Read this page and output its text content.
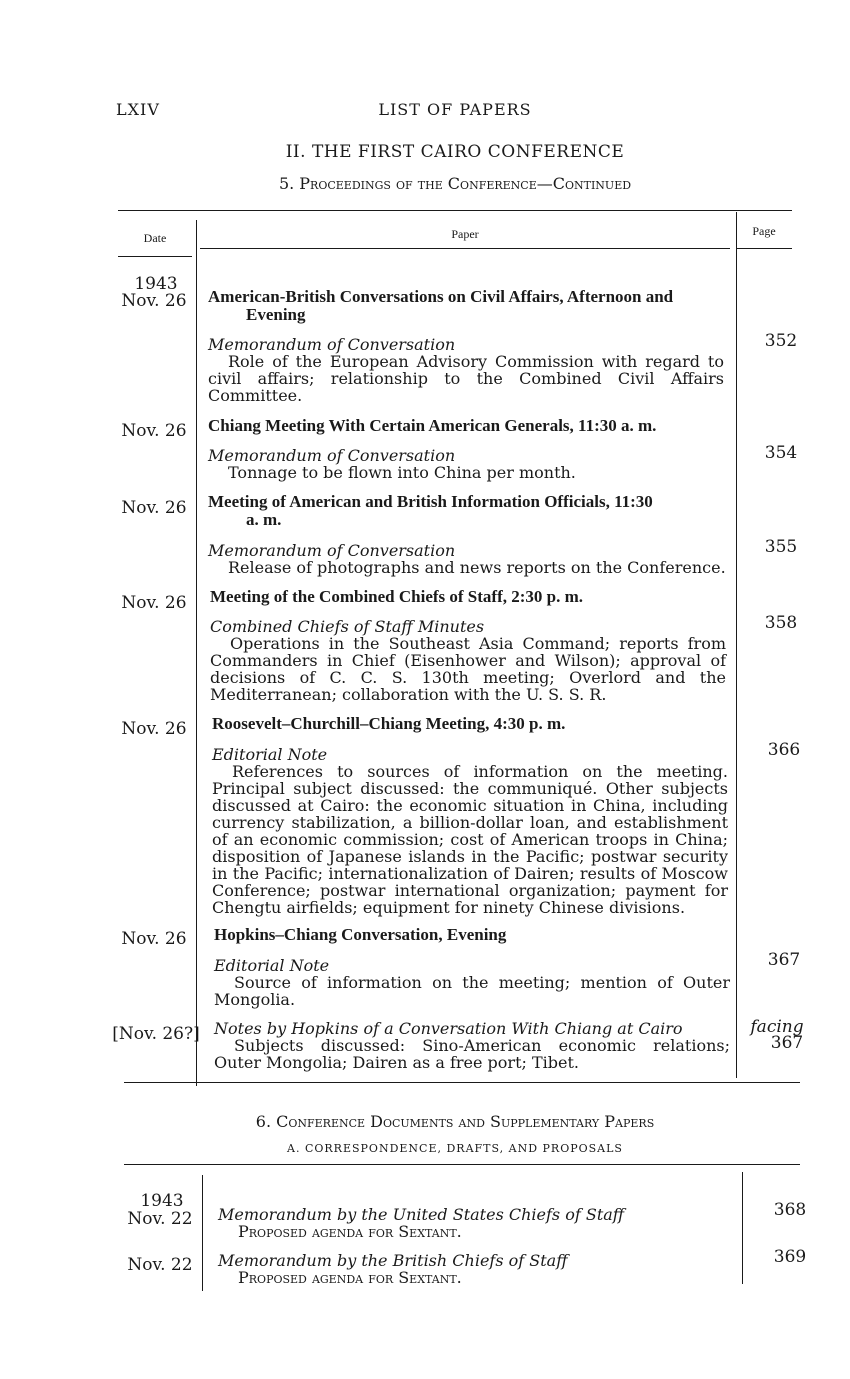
LXIV	LIST OF PAPERS
II. THE FIRST CAIRO CONFERENCE
5. Proceedings of the Conference—Continued
Date	Paper	Page
1943
Nov. 26	American-British Conversations on Civil Affairs, Afternoon and
Evening
Memorandum of Conversation
Role of the European Advisory Commission with regard to civil affairs; relationship to the Combined Civil Affairs Committee.
352
Nov. 26	Chiang Meeting With Certain American Generals, 11:30 a. m.
Memorandum of Conversation
Tonnage to be flown into China per month.
354
Nov. 26	Meeting of American and British Information Officials, 11:30
a. m.
Memorandum of Conversation
Release of photographs and news reports on the Conference.
355
Nov. 26	Meeting of the Combined Chiefs of Staff, 2:30 p. m.
Combined Chiefs of Staff Minutes
Operations in the Southeast Asia Command; reports from Commanders in Chief (Eisenhower and Wilson); approval of decisions of C. C. S. 130th meeting; Overlord and the Mediterranean; collaboration with the U. S. S. R.
358
Nov. 26	Roosevelt–Churchill–Chiang Meeting, 4:30 p. m.
Editorial Note
References to sources of information on the meeting. Principal subject discussed: the communiqué. Other subjects discussed at Cairo: the economic situation in China, including currency stabilization, a billion-dollar loan, and establishment of an economic commission; cost of American troops in China; disposition of Japanese islands in the Pacific; postwar security in the Pacific; internationalization of Dairen; results of Moscow Conference; postwar international organization; payment for Chengtu airfields; equipment for ninety Chinese divisions.
366
Nov. 26	Hopkins–Chiang Conversation, Evening
Editorial Note
Source of information on the meeting; mention of Outer Mongolia.
367
[Nov. 26?] Notes by Hopkins of a Conversation With Chiang at Cairo
Subjects discussed: Sino-American economic relations; Outer Mongolia; Dairen as a free port; Tibet.
facing
367
6. Conference Documents and Supplementary Papers
A. CORRESPONDENCE, DRAFTS, AND PROPOSALS
1943
Nov. 22	Memorandum by the United States Chiefs of Staff
Proposed agenda for Sextant.
368
Nov. 22	Memorandum by the British Chiefs of Staff
Proposed agenda for Sextant.
369
